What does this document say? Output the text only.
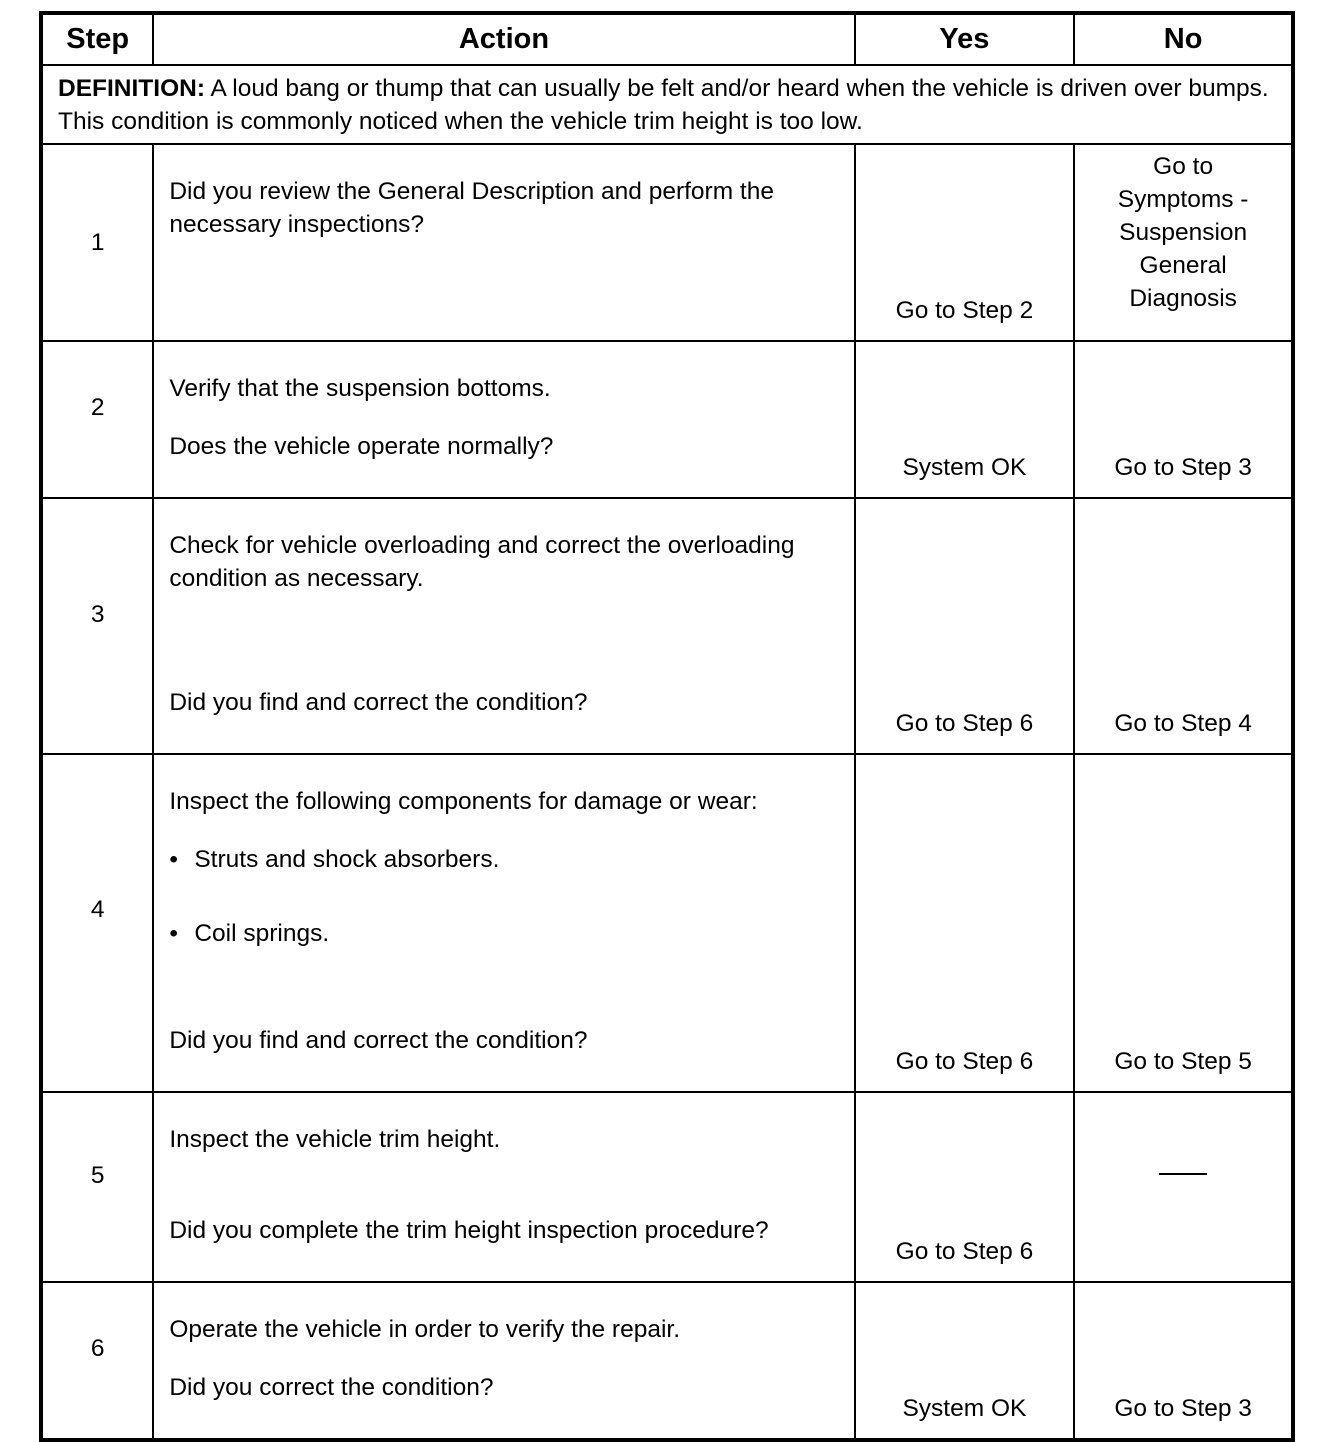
Step	Action	Yes	No
DEFINITION: A loud bang or thump that can usually be felt and/or heard when the vehicle is driven over bumps. This condition is commonly noticed when the vehicle trim height is too low.			
1	Did you review the General Description and perform the necessary inspections?	Go to Step 2	Go to Symptoms - Suspension General Diagnosis
2	Verify that the suspension bottoms.

Does the vehicle operate normally?	System OK	Go to Step 3
3	Check for vehicle overloading and correct the overloading condition as necessary.

Did you find and correct the condition?	Go to Step 6	Go to Step 4
4	Inspect the following components for damage or wear:

• Struts and shock absorbers.

• Coil springs.

Did you find and correct the condition?	Go to Step 6	Go to Step 5
5	Inspect the vehicle trim height.

Did you complete the trim height inspection procedure?	Go to Step 6	
6	Operate the vehicle in order to verify the repair.

Did you correct the condition?	System OK	Go to Step 3
